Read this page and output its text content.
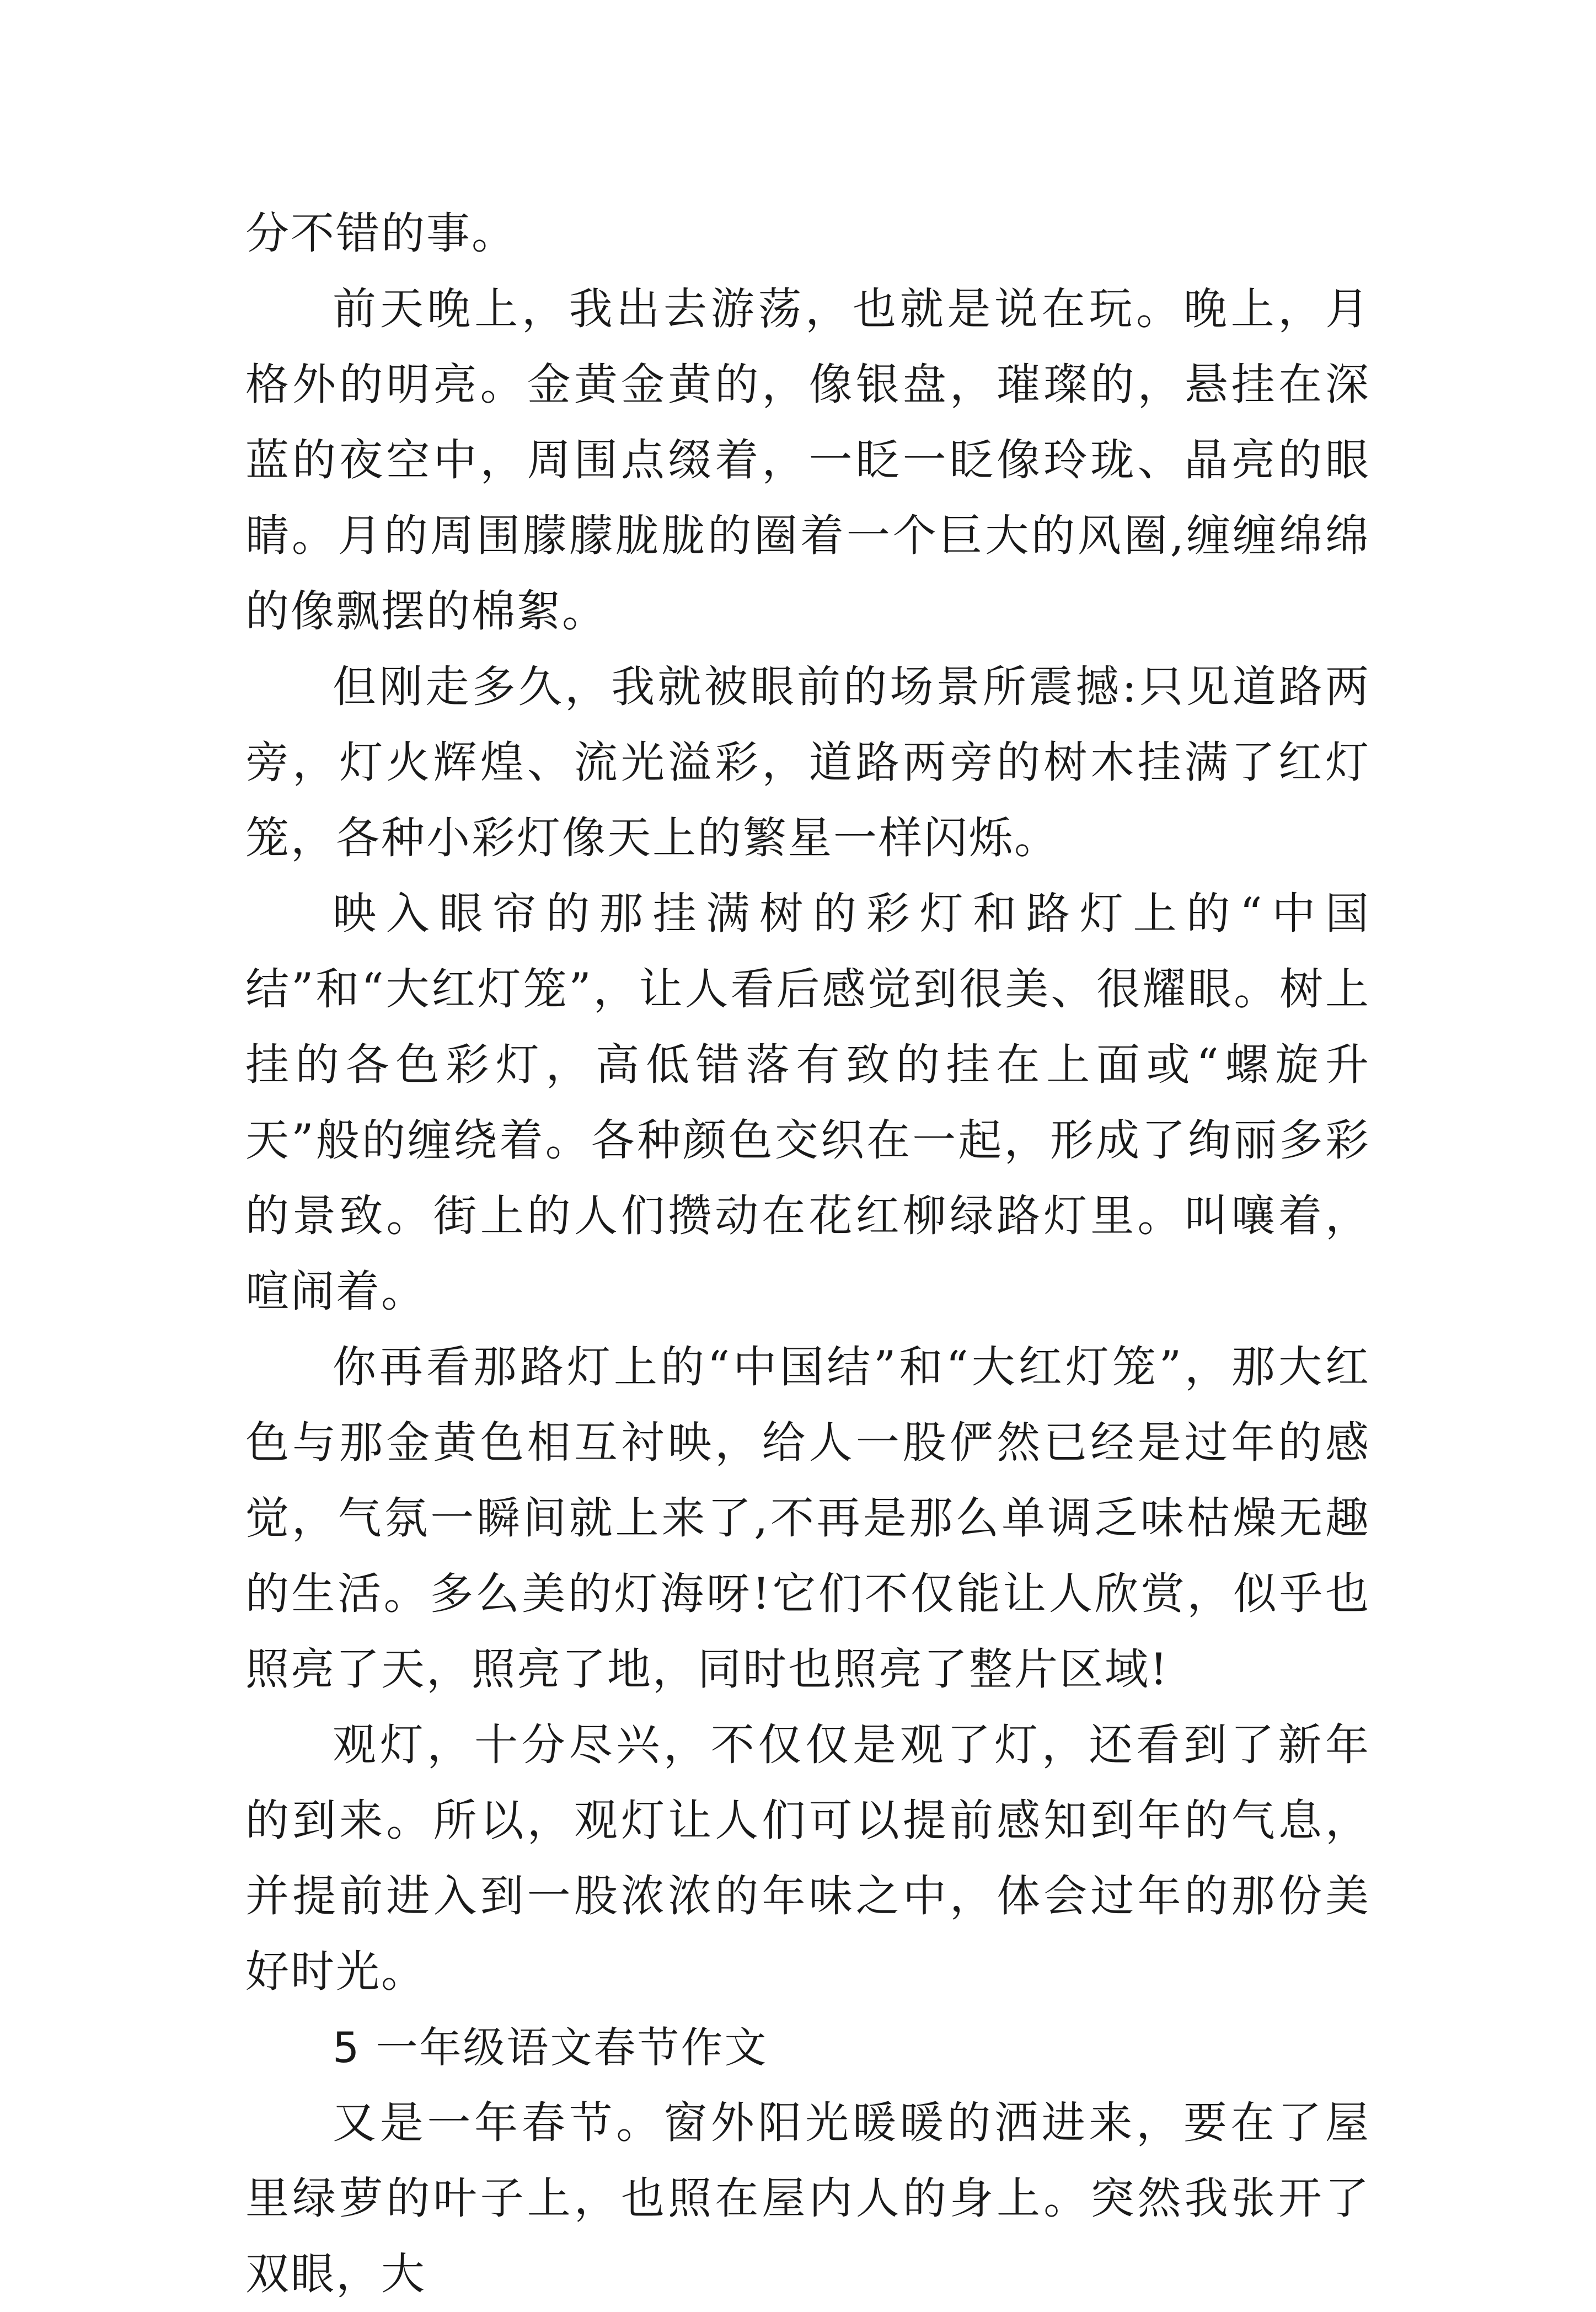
分不错的事。

前天晚上，我出去游荡，也就是说在玩。晚上，月格外的明亮。金黄金黄的，像银盘，璀璨的，悬挂在深蓝的夜空中，周围点缀着，一眨一眨像玲珑、晶亮的眼睛。月的周围朦朦胧胧的圈着一个巨大的风圈,缠缠绵绵的像飘摆的棉絮。

但刚走多久，我就被眼前的场景所震撼:只见道路两旁，灯火辉煌、流光溢彩，道路两旁的树木挂满了红灯笼，各种小彩灯像天上的繁星一样闪烁。

映入眼帘的那挂满树的彩灯和路灯上的“中国结”和“大红灯笼”，让人看后感觉到很美、很耀眼。树上挂的各色彩灯，高低错落有致的挂在上面或“螺旋升天”般的缠绕着。各种颜色交织在一起，形成了绚丽多彩的景致。街上的人们攒动在花红柳绿路灯里。叫嚷着，喧闹着。

你再看那路灯上的“中国结”和“大红灯笼”，那大红色与那金黄色相互衬映，给人一股俨然已经是过年的感觉，气氛一瞬间就上来了,不再是那么单调乏味枯燥无趣的生活。多么美的灯海呀!它们不仅能让人欣赏，似乎也照亮了天，照亮了地，同时也照亮了整片区域!

观灯，十分尽兴，不仅仅是观了灯，还看到了新年的到来。所以，观灯让人们可以提前感知到年的气息，并提前进入到一股浓浓的年味之中，体会过年的那份美好时光。

5 一年级语文春节作文

又是一年春节。窗外阳光暖暖的洒进来，要在了屋里绿萝的叶子上，也照在屋内人的身上。突然我张开了双眼，大
